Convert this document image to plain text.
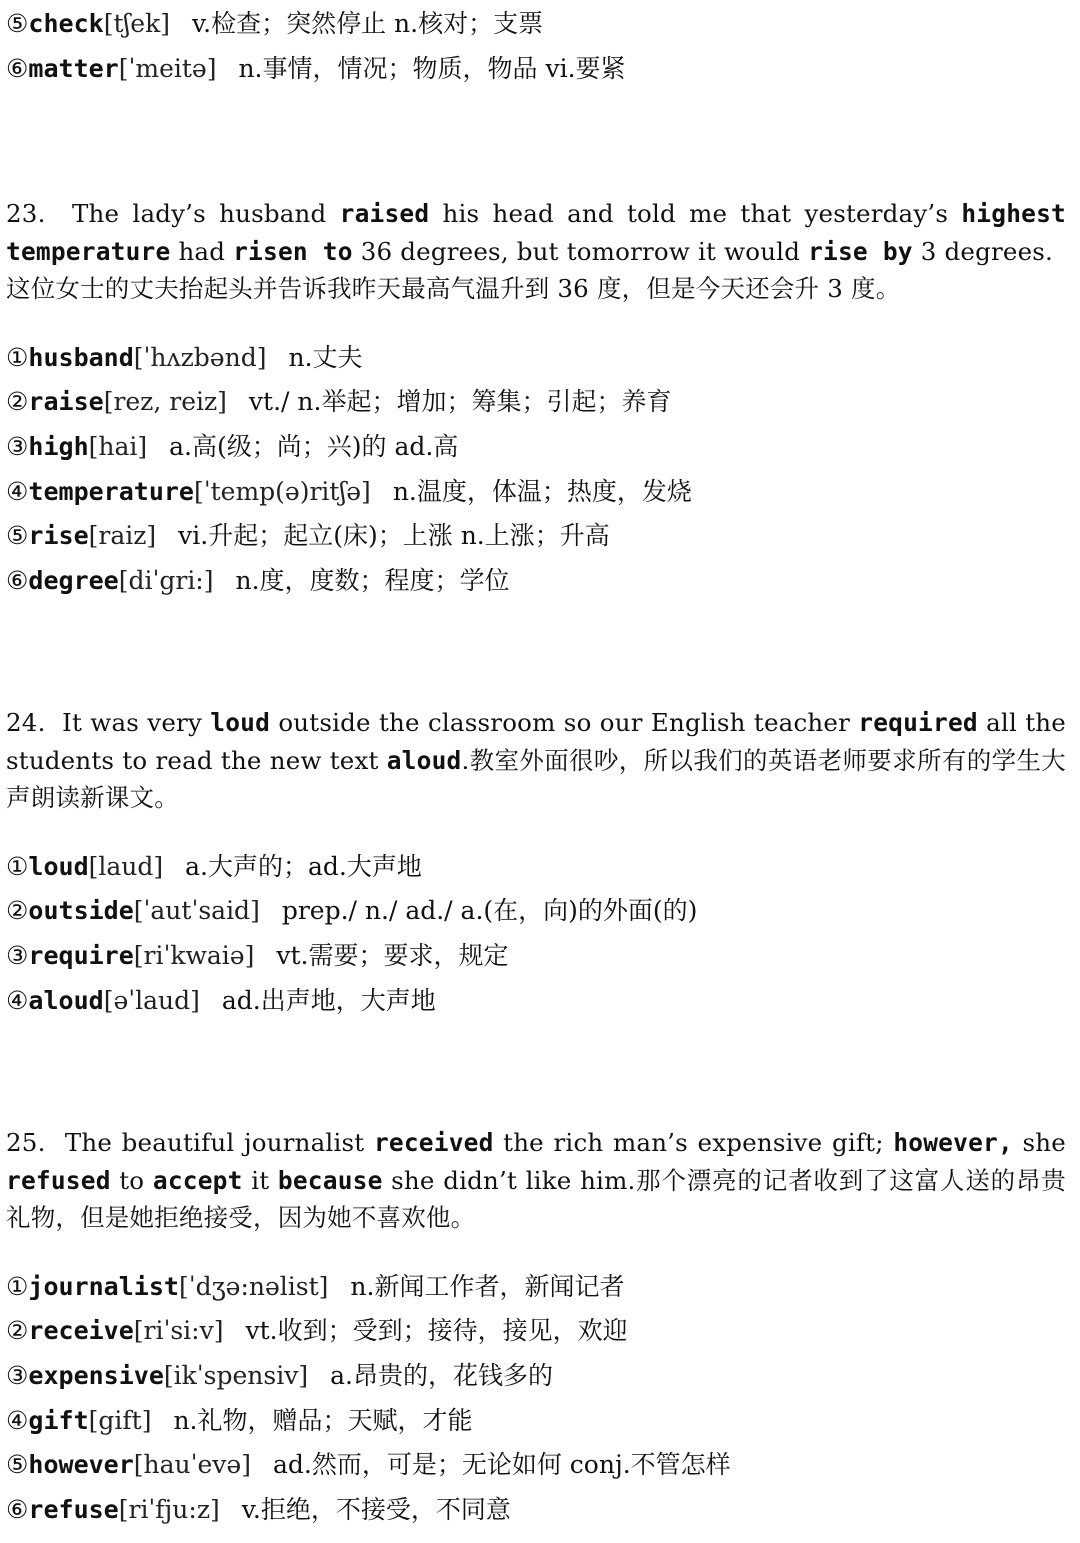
⑤check[tʃek] v.检查；突然停止 n.核对；支票
⑥matter[ˈmeitə] n.事情，情况；物质，物品 vi.要紧
23. The lady’s husband raised his head and told me that yesterday’s highest temperature had risen to 36 degrees, but tomorrow it would rise by 3 degrees.
这位女士的丈夫抬起头并告诉我昨天最高气温升到 36 度，但是今天还会升 3 度。
①husband[ˈhʌzbənd] n.丈夫
②raise[rez, reiz] vt./ n.举起；增加；筹集；引起；养育
③high[hai] a.高(级；尚；兴)的 ad.高
④temperature[ˈtemp(ə)ritʃə] n.温度，体温；热度，发烧
⑤rise[raiz] vi.升起；起立(床)；上涨 n.上涨；升高
⑥degree[diˈgri:] n.度，度数；程度；学位
24. It was very loud outside the classroom so our English teacher required all the students to read the new text aloud.教室外面很吵，所以我们的英语老师要求所有的学生大声朗读新课文。
①loud[laud] a.大声的；ad.大声地
②outside[ˈautˈsaid] prep./ n./ ad./ a.(在，向)的外面(的)
③require[riˈkwaiə] vt.需要；要求，规定
④aloud[əˈlaud] ad.出声地，大声地
25. The beautiful journalist received the rich man’s expensive gift; however, she refused to accept it because she didn’t like him.那个漂亮的记者收到了这富人送的昂贵礼物，但是她拒绝接受，因为她不喜欢他。
①journalist[ˈdʒə:nəlist] n.新闻工作者，新闻记者
②receive[riˈsi:v] vt.收到；受到；接待，接见，欢迎
③expensive[ikˈspensiv] a.昂贵的，花钱多的
④gift[gift] n.礼物，赠品；天赋，才能
⑤however[hauˈevə] ad.然而，可是；无论如何 conj.不管怎样
⑥refuse[riˈfju:z] v.拒绝，不接受，不同意
